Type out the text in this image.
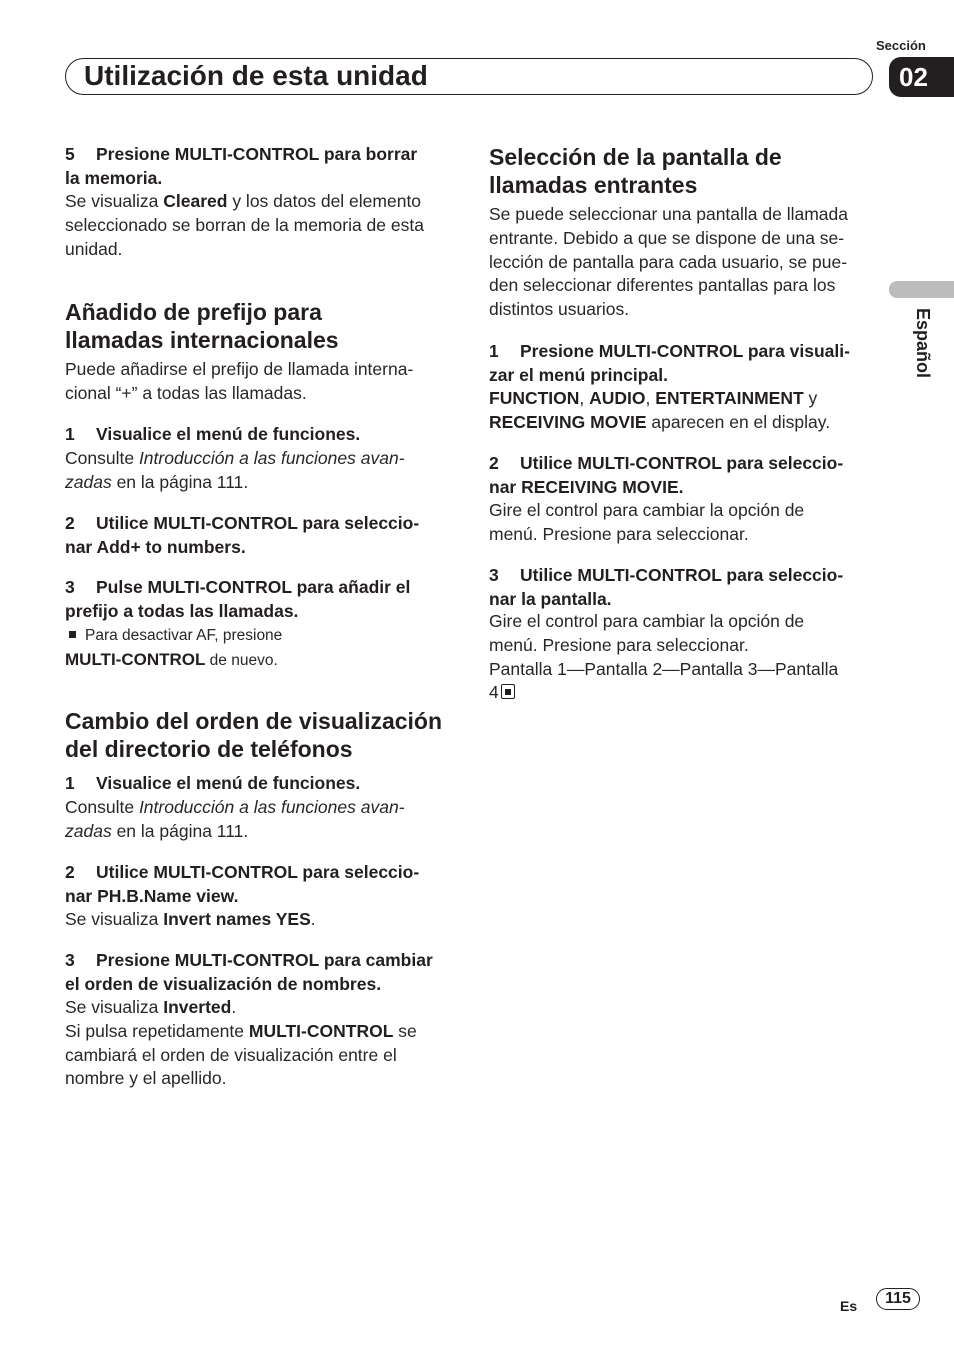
Sección
Utilización de esta unidad	02
Español
5 Presione MULTI-CONTROL para borrar
la memoria.
Se visualiza Cleared y los datos del elemento
seleccionado se borran de la memoria de esta
unidad.
Añadido de prefijo para
llamadas internacionales
Puede añadirse el prefijo de llamada interna-
cional “+” a todas las llamadas.
1 Visualice el menú de funciones.
Consulte Introducción a las funciones avan-
zadas en la página 111.
2 Utilice MULTI-CONTROL para seleccio-
nar Add+ to numbers.
3 Pulse MULTI-CONTROL para añadir el
prefijo a todas las llamadas.
Para desactivar AF, presione
MULTI-CONTROL de nuevo.
Cambio del orden de visualización
del directorio de teléfonos
1 Visualice el menú de funciones.
Consulte Introducción a las funciones avan-
zadas en la página 111.
2 Utilice MULTI-CONTROL para seleccio-
nar PH.B.Name view.
Se visualiza Invert names YES.
3 Presione MULTI-CONTROL para cambiar
el orden de visualización de nombres.
Se visualiza Inverted.
Si pulsa repetidamente MULTI-CONTROL se
cambiará el orden de visualización entre el
nombre y el apellido.
Selección de la pantalla de
llamadas entrantes
Se puede seleccionar una pantalla de llamada
entrante. Debido a que se dispone de una se-
lección de pantalla para cada usuario, se pue-
den seleccionar diferentes pantallas para los
distintos usuarios.
1 Presione MULTI-CONTROL para visuali-
zar el menú principal.
FUNCTION, AUDIO, ENTERTAINMENT y
RECEIVING MOVIE aparecen en el display.
2 Utilice MULTI-CONTROL para seleccio-
nar RECEIVING MOVIE.
Gire el control para cambiar la opción de
menú. Presione para seleccionar.
3 Utilice MULTI-CONTROL para seleccio-
nar la pantalla.
Gire el control para cambiar la opción de
menú. Presione para seleccionar.
Pantalla 1—Pantalla 2—Pantalla 3—Pantalla
4
Es	115
